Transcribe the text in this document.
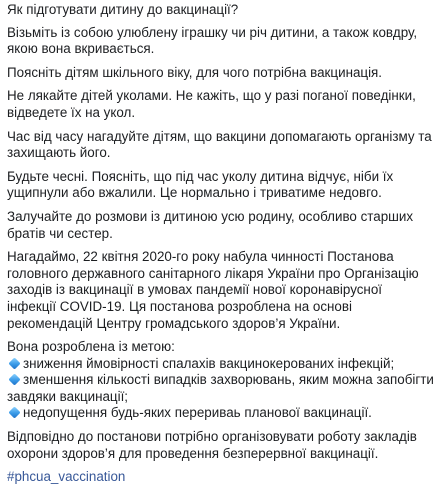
Як підготувати дитину до вакцинації?

Візьміть із собою улюблену іграшку чи річ дитини, а також ковдру, якою вона вкривається.

Поясніть дітям шкільного віку, для чого потрібна вакцинація.

Не лякайте дітей уколами. Не кажіть, що у разі поганої поведінки, відведете їх на укол.

Час від часу нагадуйте дітям, що вакцини допомагають організму та захищають його.

Будьте чесні. Поясніть, що під час уколу дитина відчує, ніби їх ущипнули або вжалили. Це нормально і триватиме недовго.

Залучайте до розмови із дитиною усю родину, особливо старших братів чи сестер.

Нагадаймо, 22 квітня 2020-го року набула чинності Постанова головного державного санітарного лікаря України про Організацію заходів із вакцинації в умовах пандемії нової коронавірусної інфекції COVID-19. Ця постанова розроблена на основі рекомендацій Центру громадського здоров’я України.

Вона розроблена із метою:
зниження ймовірності спалахів вакцинокерованих інфекцій;
зменшення кількості випадків захворювань, яким можна запобігти завдяки вакцинації;
недопущення будь-яких перериваь планової вакцинації.

Відповідно до постанови потрібно організовувати роботу закладів охорони здоров’я для проведення безперервної вакцинації.

#phcua_vaccination
